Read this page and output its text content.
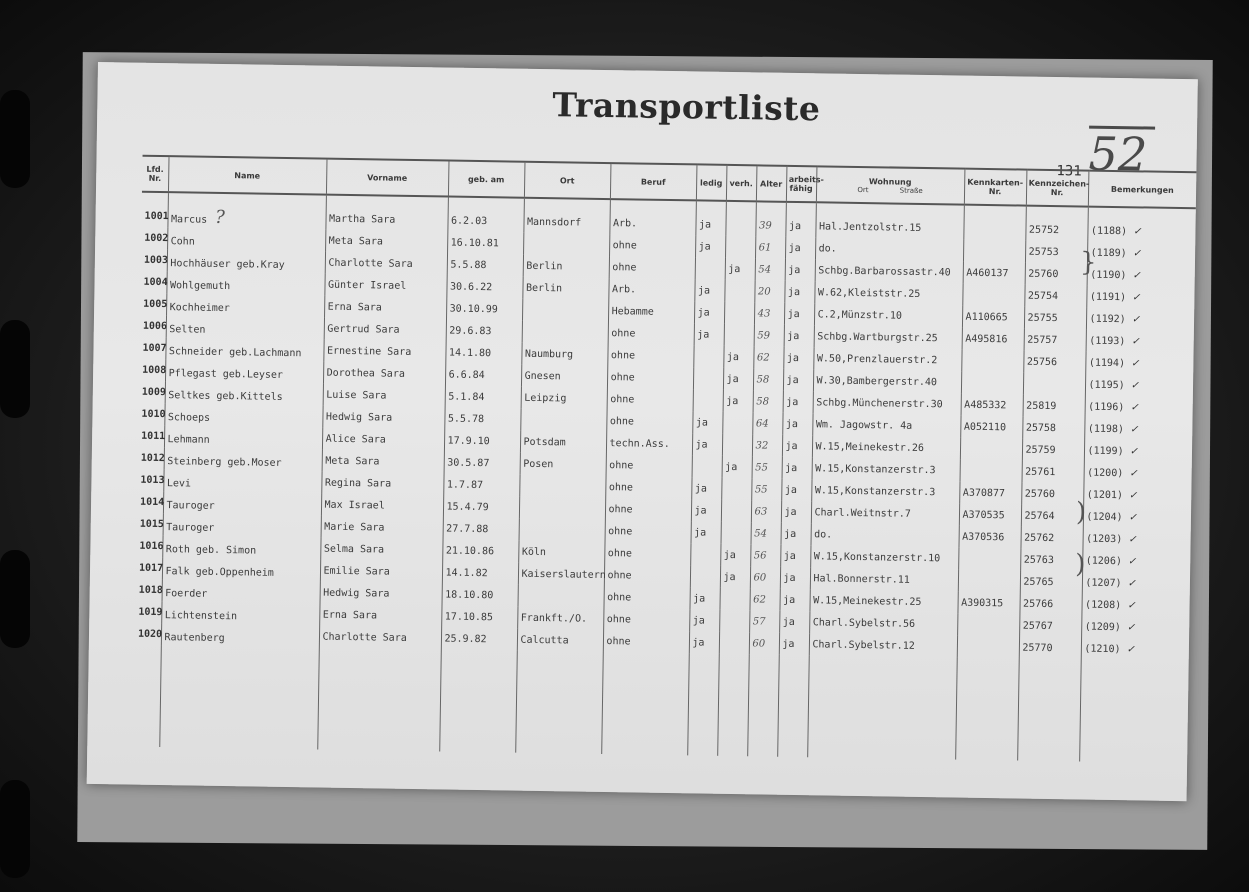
Transportliste
131 52
Lfd. Nr.	Name	Vorname	geb. am	Ort	Beruf	ledig	verh.	Alter	arbeits-fähig	Wohnung
Ort Straße	Kennkarten-Nr.	Kennzeichen-Nr.	Bemerkungen
1001	Marcus ?	Martha Sara	6.2.03	Mannsdorf	Arb.	ja		39	ja	Hal.Jentzolstr.15		25752	(1188) ✓
1002	Cohn	Meta Sara	16.10.81		ohne	ja		61	ja	do.		25753	(1189) ✓
1003	Hochhäuser geb.Kray	Charlotte Sara	5.5.88	Berlin	ohne		ja	54	ja	Schbg.Barbarossastr.40	A460137	25760	(1190) ✓
1004	Wohlgemuth	Günter Israel	30.6.22	Berlin	Arb.	ja		20	ja	W.62,Kleiststr.25		25754	(1191) ✓
1005	Kochheimer	Erna Sara	30.10.99		Hebamme	ja		43	ja	C.2,Münzstr.10	A110665	25755	(1192) ✓
1006	Selten	Gertrud Sara	29.6.83		ohne	ja		59	ja	Schbg.Wartburgstr.25	A495816	25757	(1193) ✓
1007	Schneider geb.Lachmann	Ernestine Sara	14.1.80	Naumburg	ohne		ja	62	ja	W.50,Prenzlauerstr.2		25756	(1194) ✓
1008	Pflegast geb.Leyser	Dorothea Sara	6.6.84	Gnesen	ohne		ja	58	ja	W.30,Bambergerstr.40			(1195) ✓
1009	Seltkes geb.Kittels	Luise Sara	5.1.84	Leipzig	ohne		ja	58	ja	Schbg.Münchenerstr.30	A485332	25819	(1196) ✓
1010	Schoeps	Hedwig Sara	5.5.78		ohne	ja		64	ja	Wm. Jagowstr. 4a	A052110	25758	(1198) ✓
1011	Lehmann	Alice Sara	17.9.10	Potsdam	techn.Ass.	ja		32	ja	W.15,Meinekestr.26		25759	(1199) ✓
1012	Steinberg geb.Moser	Meta Sara	30.5.87	Posen	ohne		ja	55	ja	W.15,Konstanzerstr.3		25761	(1200) ✓
1013	Levi	Regina Sara	1.7.87		ohne	ja		55	ja	W.15,Konstanzerstr.3	A370877	25760	(1201) ✓
1014	Tauroger	Max Israel	15.4.79		ohne	ja		63	ja	Charl.Weitnstr.7	A370535	25764	(1204) ✓
1015	Tauroger	Marie Sara	27.7.88		ohne	ja		54	ja	do.	A370536	25762	(1203) ✓
1016	Roth geb. Simon	Selma Sara	21.10.86	Köln	ohne		ja	56	ja	W.15,Konstanzerstr.10		25763	(1206) ✓
1017	Falk geb.Oppenheim	Emilie Sara	14.1.82	Kaiserslautern	ohne		ja	60	ja	Hal.Bonnerstr.11		25765	(1207) ✓
1018	Foerder	Hedwig Sara	18.10.80		ohne	ja		62	ja	W.15,Meinekestr.25	A390315	25766	(1208) ✓
1019	Lichtenstein	Erna Sara	17.10.85	Frankft./O.	ohne	ja		57	ja	Charl.Sybelstr.56		25767	(1209) ✓
1020	Rautenberg	Charlotte Sara	25.9.82	Calcutta	ohne	ja		60	ja	Charl.Sybelstr.12		25770	(1210) ✓

}
)
)
